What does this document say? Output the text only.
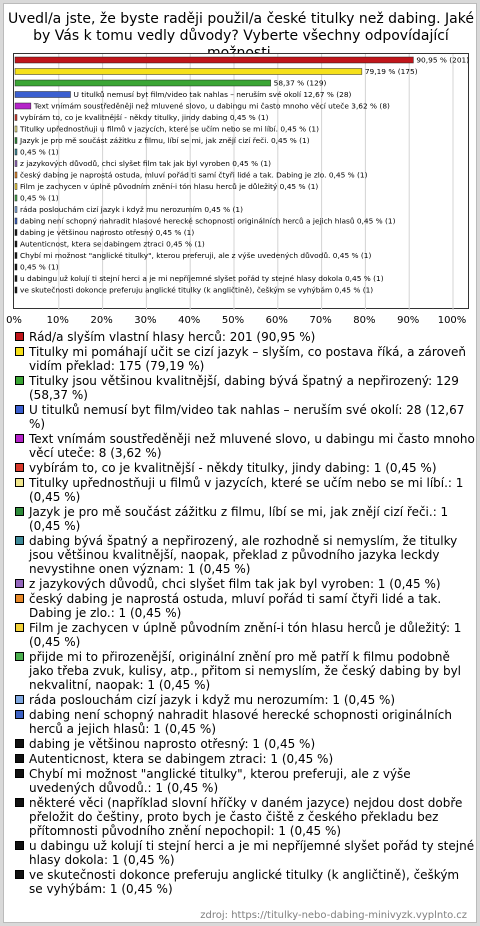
Uvedl/a jste, že byste raději použil/a české titulky než dabing. Jaké by Vás k tomu vedly důvody? Vyberte všechny odpovídající
90,95 % (201)
79,19 % (175)
58,37 % (129)
U titulků nemusí byt film/video tak nahlas – neruším své okolí 12,67 % (28)
Text vnímám soustředěněji než mluvené slovo, u dabingu mi často mnoho věcí uteče 3,62 % (8)
vybírám to, co je kvalitnější - někdy titulky, jindy dabing 0,45 % (1)
Titulky upřednostňuji u filmů v jazycích, které se učím nebo se mi líbí. 0,45 % (1)
Jazyk je pro mě součást zážitku z filmu, líbí se mi, jak znějí cizí řeči. 0,45 % (1)
0,45 % (1)
z jazykových důvodů, chci slyšet film tak jak byl vyroben 0,45 % (1)
český dabing je naprostá ostuda, mluví pořád ti samí čtyři lidé a tak. Dabing je zlo. 0,45 % (1)
Film je zachycen v úplně původním znění-i tón hlasu herců je důležitý 0,45 % (1)
0,45 % (1)
ráda poslouchám cizí jazyk i když mu nerozumím 0,45 % (1)
dabing není schopný nahradit hlasové herecké schopnosti originálních herců a jejich hlasů 0,45 % (1)
dabing je většinou naprosto otřesný 0,45 % (1)
Autenticnost, ktera se dabingem ztraci 0,45 % (1)
Chybí mi možnost "anglické titulky", kterou preferuji, ale z výše uvedených důvodů. 0,45 % (1)
0,45 % (1)
u dabingu už kolují ti stejní herci a je mi nepříjemné slyšet pořád ty stejné hlasy dokola 0,45 % (1)
ve skutečnosti dokonce preferuju anglické titulky (k angličtině), češkým se vyhýbám 0,45 % (1)
0% 10% 20% 30% 40% 50% 60% 70% 80% 90% 100%
Rád/a slyším vlastní hlasy herců: 201 (90,95 %)
Titulky mi pomáhají učit se cizí jazyk – slyším, co postava říká, a zároveň vidím překlad: 175 (79,19 %)
Titulky jsou většinou kvalitnější, dabing bývá špatný a nepřirozený: 129 (58,37 %)
U titulků nemusí byt film/video tak nahlas – neruším své okolí: 28 (12,67 %)
Text vnímám soustředěněji než mluvené slovo, u dabingu mi často mnoho věcí uteče: 8 (3,62 %)
vybírám to, co je kvalitnější - někdy titulky, jindy dabing: 1 (0,45 %)
Titulky upřednostňuji u filmů v jazycích, které se učím nebo se mi líbí.: 1 (0,45 %)
Jazyk je pro mě součást zážitku z filmu, líbí se mi, jak znějí cizí řeči.: 1 (0,45 %)
dabing bývá špatný a nepřirozený, ale rozhodně si nemyslím, že titulky jsou většinou kvalitnější, naopak, překlad z původního jazyka leckdy nevystihne onen význam: 1 (0,45 %)
z jazykových důvodů, chci slyšet film tak jak byl vyroben: 1 (0,45 %)
český dabing je naprostá ostuda, mluví pořád ti samí čtyři lidé a tak. Dabing je zlo.: 1 (0,45 %)
Film je zachycen v úplně původním znění-i tón hlasu herců je důležitý: 1 (0,45 %)
přijde mi to přirozenější, originální znění pro mě patří k filmu podobně jako třeba zvuk, kulisy, atp., přitom si nemyslím, že český dabing by byl nekvalitní, naopak: 1 (0,45 %)
ráda poslouchám cizí jazyk i když mu nerozumím: 1 (0,45 %)
dabing není schopný nahradit hlasové herecké schopnosti originálních herců a jejich hlasů: 1 (0,45 %)
dabing je většinou naprosto otřesný: 1 (0,45 %)
Autenticnost, ktera se dabingem ztraci: 1 (0,45 %)
Chybí mi možnost "anglické titulky", kterou preferuji, ale z výše uvedených důvodů.: 1 (0,45 %)
některé věci (například slovní hříčky v daném jazyce) nejdou dost dobře přeložit do češtiny, proto bych je často čiště z českého překladu bez přítomnosti původního znění nepochopil: 1 (0,45 %)
u dabingu už kolují ti stejní herci a je mi nepříjemné slyšet pořád ty stejné hlasy dokola: 1 (0,45 %)
ve skutečnosti dokonce preferuju anglické titulky (k angličtině), češkým se vyhýbám: 1 (0,45 %)
zdroj: https://titulky-nebo-dabing-minivyzk.vyplnto.cz
